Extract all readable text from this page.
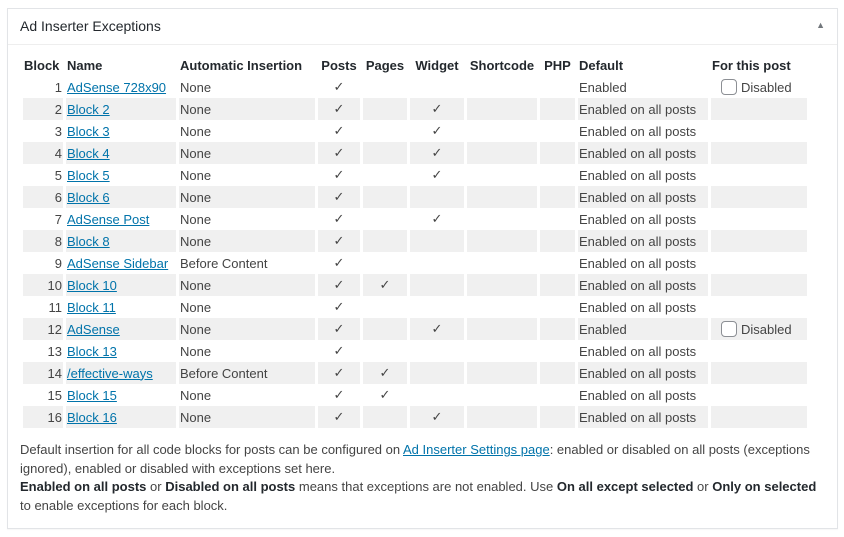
Ad Inserter Exceptions	▲
Block	Name	Automatic Insertion	Posts	Pages	Widget	Shortcode	PHP	Default	For this post
1	AdSense 728x90	None	✓					Enabled	Disabled
2	Block 2	None	✓		✓			Enabled on all posts	
3	Block 3	None	✓		✓			Enabled on all posts	
4	Block 4	None	✓		✓			Enabled on all posts	
5	Block 5	None	✓		✓			Enabled on all posts	
6	Block 6	None	✓					Enabled on all posts	
7	AdSense Post	None	✓		✓			Enabled on all posts	
8	Block 8	None	✓					Enabled on all posts	
9	AdSense Sidebar	Before Content	✓					Enabled on all posts	
10	Block 10	None	✓	✓				Enabled on all posts	
11	Block 11	None	✓					Enabled on all posts	
12	AdSense	None	✓		✓			Enabled	Disabled
13	Block 13	None	✓					Enabled on all posts	
14	/effective-ways	Before Content	✓	✓				Enabled on all posts	
15	Block 15	None	✓	✓				Enabled on all posts	
16	Block 16	None	✓		✓			Enabled on all posts	
Default insertion for all code blocks for posts can be configured on Ad Inserter Settings page: enabled or disabled on all posts (exceptions ignored), enabled or disabled with exceptions set here.
Enabled on all posts or Disabled on all posts means that exceptions are not enabled. Use On all except selected or Only on selected to enable exceptions for each block.
